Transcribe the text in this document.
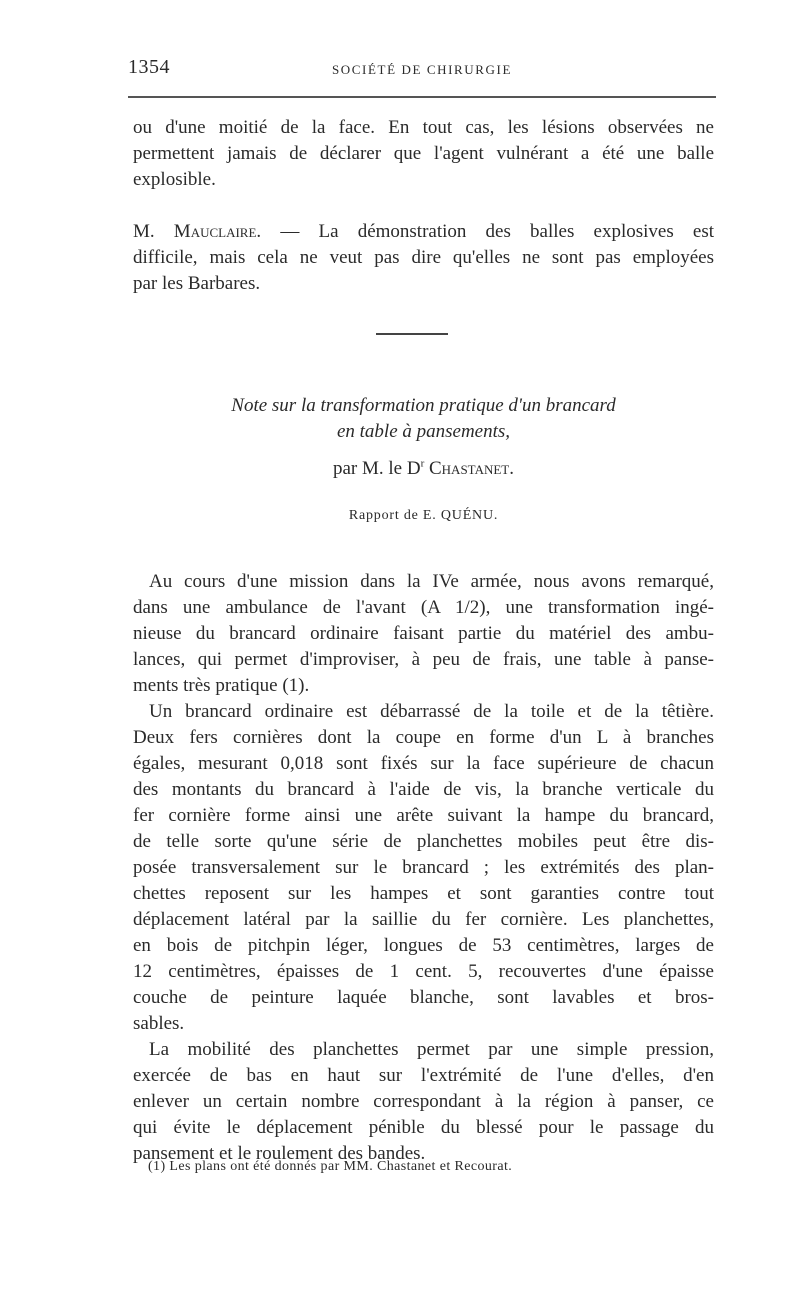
1354	SOCIÉTÉ DE CHIRURGIE
ou d'une moitié de la face. En tout cas, les lésions observées ne
permettent jamais de déclarer que l'agent vulnérant a été une balle
explosible.
M. Mauclaire. — La démonstration des balles explosives est
difficile, mais cela ne veut pas dire qu'elles ne sont pas employées
par les Barbares.
Note sur la transformation pratique d'un brancard
en table à pansements,
par M. le $D^r$ Chastanet.
Rapport de E. QUÉNU.
Au cours d'une mission dans la IVe armée, nous avons remarqué,
dans une ambulance de l'avant (A 1/2), une transformation ingé-
nieuse du brancard ordinaire faisant partie du matériel des ambu-
lances, qui permet d'improviser, à peu de frais, une table à panse-
ments très pratique (1).
Un brancard ordinaire est débarrassé de la toile et de la têtière.
Deux fers cornières dont la coupe en forme d'un L à branches
égales, mesurant 0,018 sont fixés sur la face supérieure de chacun
des montants du brancard à l'aide de vis, la branche verticale du
fer cornière forme ainsi une arête suivant la hampe du brancard,
de telle sorte qu'une série de planchettes mobiles peut être dis-
posée transversalement sur le brancard ; les extrémités des plan-
chettes reposent sur les hampes et sont garanties contre tout
déplacement latéral par la saillie du fer cornière. Les planchettes,
en bois de pitchpin léger, longues de 53 centimètres, larges de
12 centimètres, épaisses de 1 cent. 5, recouvertes d'une épaisse
couche de peinture laquée blanche, sont lavables et bros-
sables.
La mobilité des planchettes permet par une simple pression,
exercée de bas en haut sur l'extrémité de l'une d'elles, d'en
enlever un certain nombre correspondant à la région à panser, ce
qui évite le déplacement pénible du blessé pour le passage du
pansement et le roulement des bandes.
(1) Les plans ont été donnés par MM. Chastanet et Recourat.
